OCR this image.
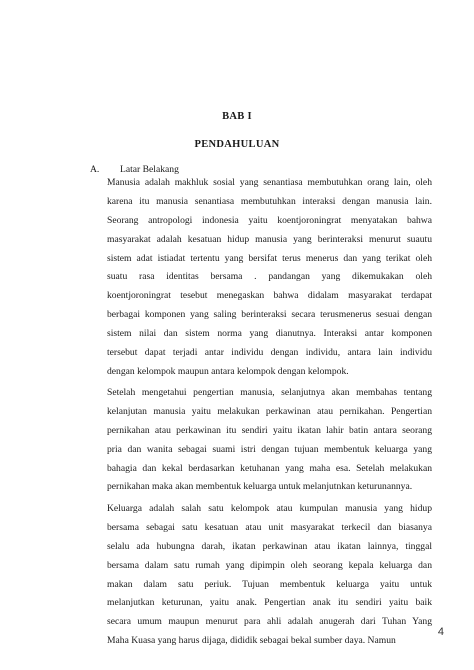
BAB I
PENDAHULUAN
A. Latar Belakang
Manusia adalah makhluk sosial yang senantiasa membutuhkan orang lain, oleh
karena itu manusia senantiasa membutuhkan interaksi dengan manusia lain.
Seorang antropologi indonesia yaitu koentjoroningrat menyatakan bahwa
masyarakat adalah kesatuan hidup manusia yang berinteraksi menurut suautu
sistem adat istiadat tertentu yang bersifat terus menerus dan yang terikat oleh
suatu rasa identitas bersama . pandangan yang dikemukakan oleh
koentjoroningrat tesebut menegaskan bahwa didalam masyarakat terdapat
berbagai komponen yang saling berinteraksi secara terusmenerus sesuai dengan
sistem nilai dan sistem norma yang dianutnya. Interaksi antar komponen
tersebut dapat terjadi antar individu dengan individu, antara lain individu
dengan kelompok maupun antara kelompok dengan kelompok.
Setelah mengetahui pengertian manusia, selanjutnya akan membahas tentang
kelanjutan manusia yaitu melakukan perkawinan atau pernikahan. Pengertian
pernikahan atau perkawinan itu sendiri yaitu ikatan lahir batin antara seorang
pria dan wanita sebagai suami istri dengan tujuan membentuk keluarga yang
bahagia dan kekal berdasarkan ketuhanan yang maha esa. Setelah melakukan
pernikahan maka akan membentuk keluarga untuk melanjutnkan keturunannya.
Keluarga adalah salah satu kelompok atau kumpulan manusia yang hidup
bersama sebagai satu kesatuan atau unit masyarakat terkecil dan biasanya
selalu ada hubungna darah, ikatan perkawinan atau ikatan lainnya, tinggal
bersama dalam satu rumah yang dipimpin oleh seorang kepala keluarga dan
makan dalam satu periuk. Tujuan membentuk keluarga yaitu untuk
melanjutkan keturunan, yaitu anak. Pengertian anak itu sendiri yaitu baik
secara umum maupun menurut para ahli adalah anugerah dari Tuhan Yang
Maha Kuasa yang harus dijaga, dididik sebagai bekal sumber daya. Namun
4
